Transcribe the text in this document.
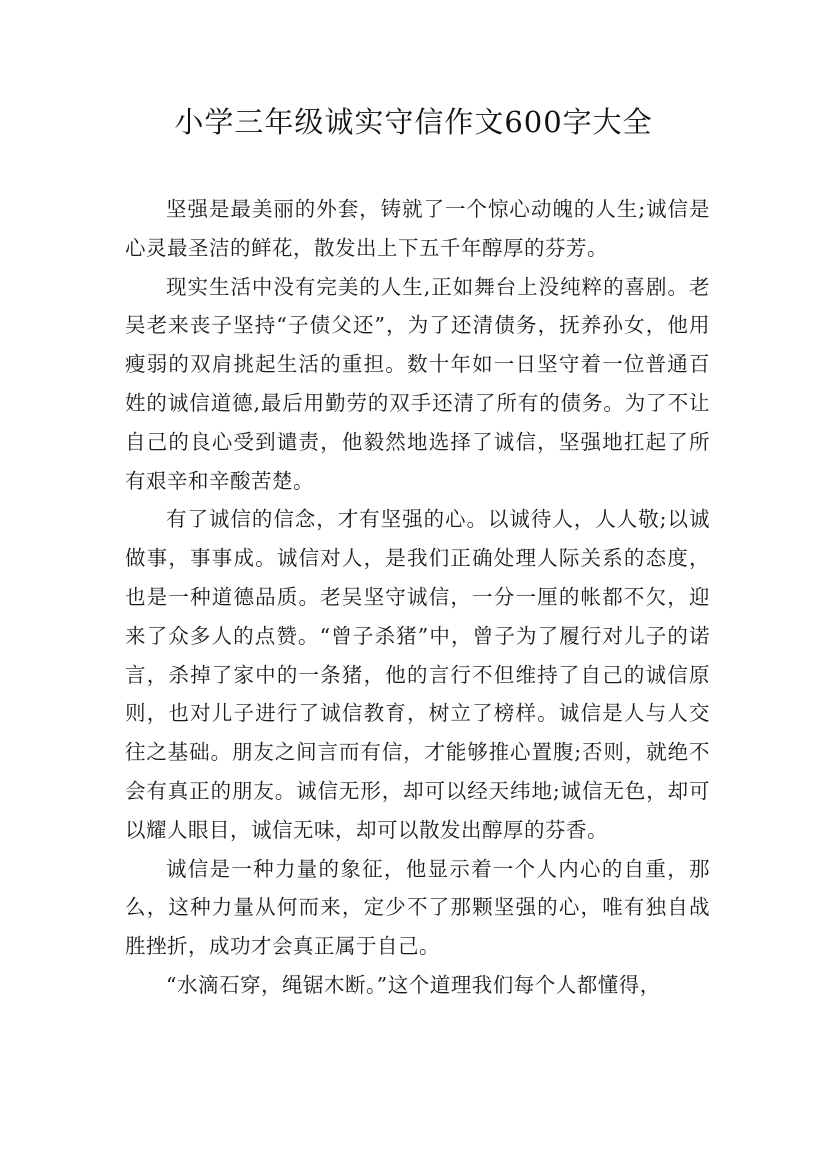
小学三年级诚实守信作文600字大全

坚强是最美丽的外套，铸就了一个惊心动魄的人生;诚信是心灵最圣洁的鲜花，散发出上下五千年醇厚的芬芳。

现实生活中没有完美的人生,正如舞台上没纯粹的喜剧。老吴老来丧子坚持“子债父还”，为了还清债务，抚养孙女，他用瘦弱的双肩挑起生活的重担。数十年如一日坚守着一位普通百姓的诚信道德,最后用勤劳的双手还清了所有的债务。为了不让自己的良心受到谴责，他毅然地选择了诚信，坚强地扛起了所有艰辛和辛酸苦楚。

有了诚信的信念，才有坚强的心。以诚待人，人人敬;以诚做事，事事成。诚信对人，是我们正确处理人际关系的态度，也是一种道德品质。老吴坚守诚信，一分一厘的帐都不欠，迎来了众多人的点赞。“曾子杀猪”中，曾子为了履行对儿子的诺言，杀掉了家中的一条猪，他的言行不但维持了自己的诚信原则，也对儿子进行了诚信教育，树立了榜样。诚信是人与人交往之基础。朋友之间言而有信，才能够推心置腹;否则，就绝不会有真正的朋友。诚信无形，却可以经天纬地;诚信无色，却可以耀人眼目，诚信无味，却可以散发出醇厚的芬香。

诚信是一种力量的象征，他显示着一个人内心的自重，那么，这种力量从何而来，定少不了那颗坚强的心，唯有独自战胜挫折，成功才会真正属于自己。

“水滴石穿，绳锯木断。”这个道理我们每个人都懂得，
